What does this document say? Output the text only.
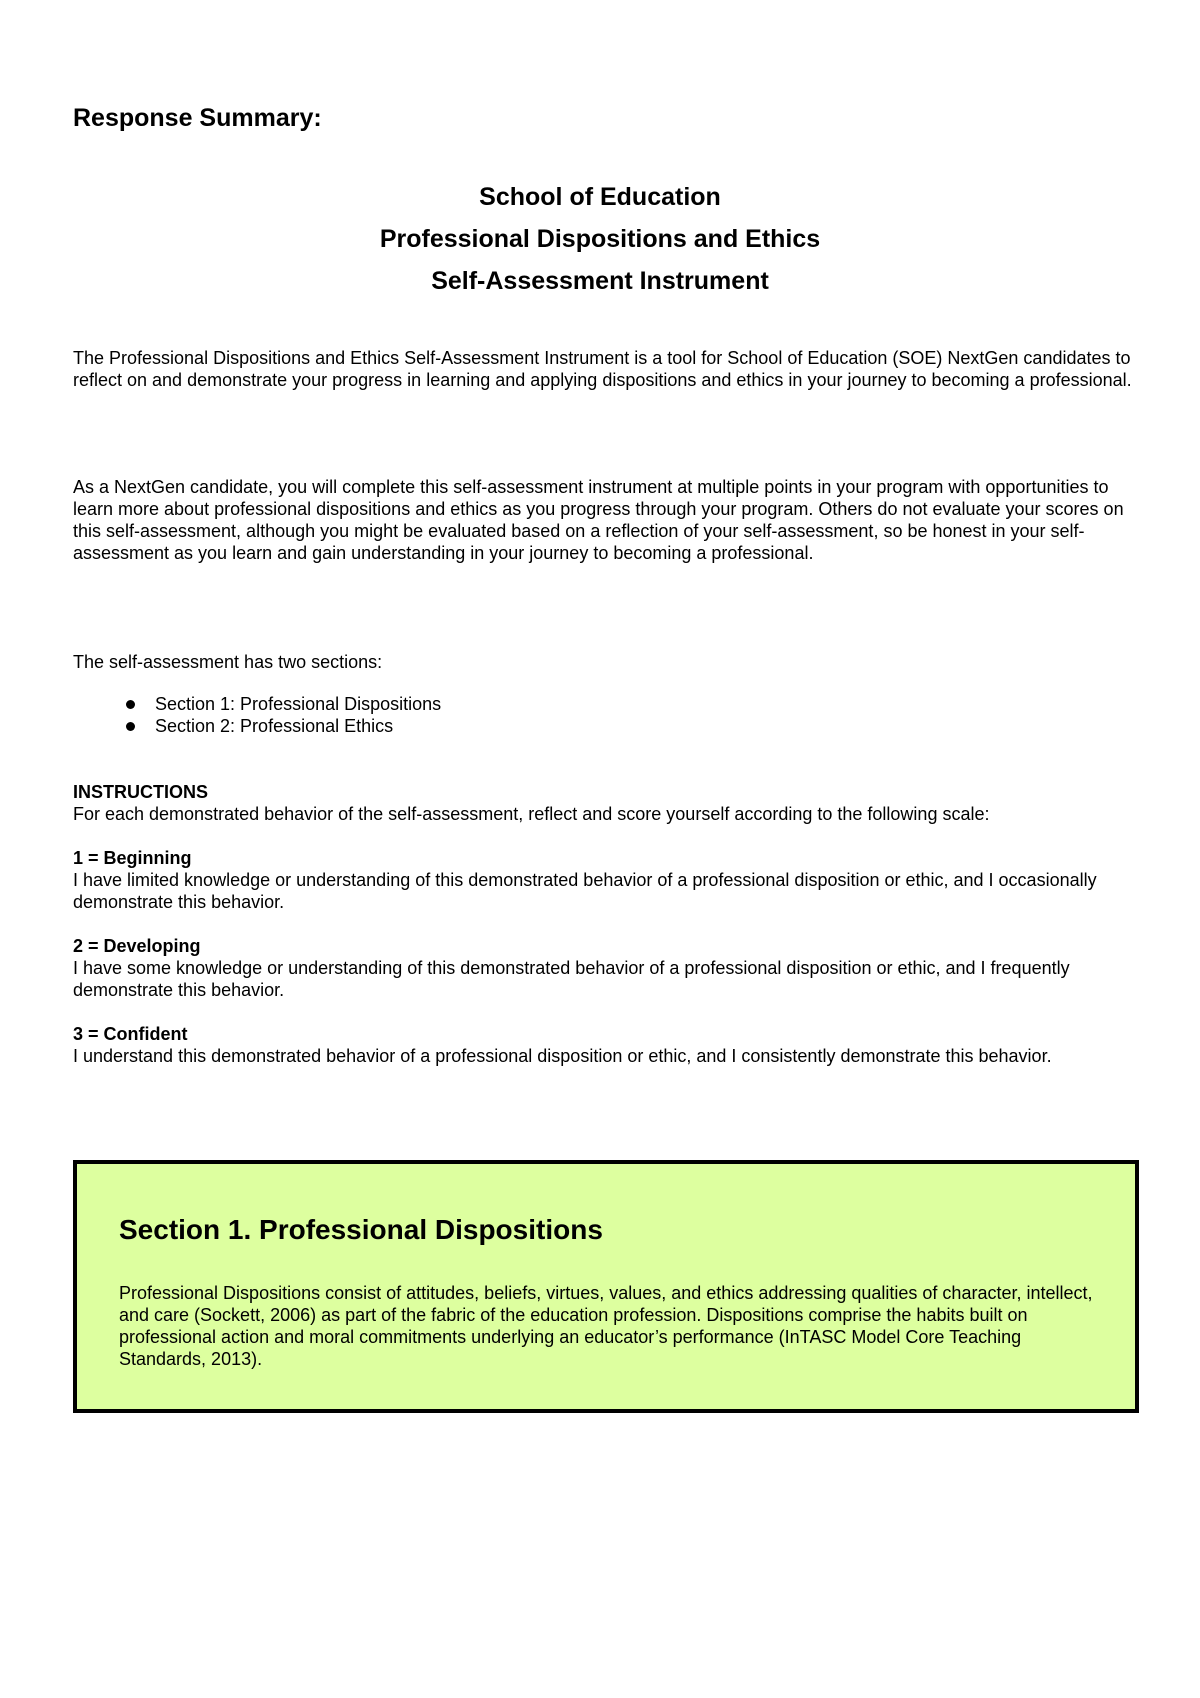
Response Summary:

School of Education

Professional Dispositions and Ethics

Self-Assessment Instrument

The Professional Dispositions and Ethics Self-Assessment Instrument is a tool for School of Education (SOE) NextGen candidates to reflect on and demonstrate your progress in learning and applying dispositions and ethics in your journey to becoming a professional.

As a NextGen candidate, you will complete this self-assessment instrument at multiple points in your program with opportunities to learn more about professional dispositions and ethics as you progress through your program. Others do not evaluate your scores on this self-assessment, although you might be evaluated based on a reflection of your self-assessment, so be honest in your self-assessment as you learn and gain understanding in your journey to becoming a professional.

The self-assessment has two sections:

Section 1: Professional Dispositions
Section 2: Professional Ethics
INSTRUCTIONS
For each demonstrated behavior of the self-assessment, reflect and score yourself according to the following scale:
1 = Beginning
I have limited knowledge or understanding of this demonstrated behavior of a professional disposition or ethic, and I occasionally demonstrate this behavior.
2 = Developing
I have some knowledge or understanding of this demonstrated behavior of a professional disposition or ethic, and I frequently demonstrate this behavior.
3 = Confident
I understand this demonstrated behavior of a professional disposition or ethic, and I consistently demonstrate this behavior.
Section 1. Professional Dispositions

Professional Dispositions consist of attitudes, beliefs, virtues, values, and ethics addressing qualities of character, intellect, and care (Sockett, 2006) as part of the fabric of the education profession. Dispositions comprise the habits built on professional action and moral commitments underlying an educator’s performance (InTASC Model Core Teaching Standards, 2013).
